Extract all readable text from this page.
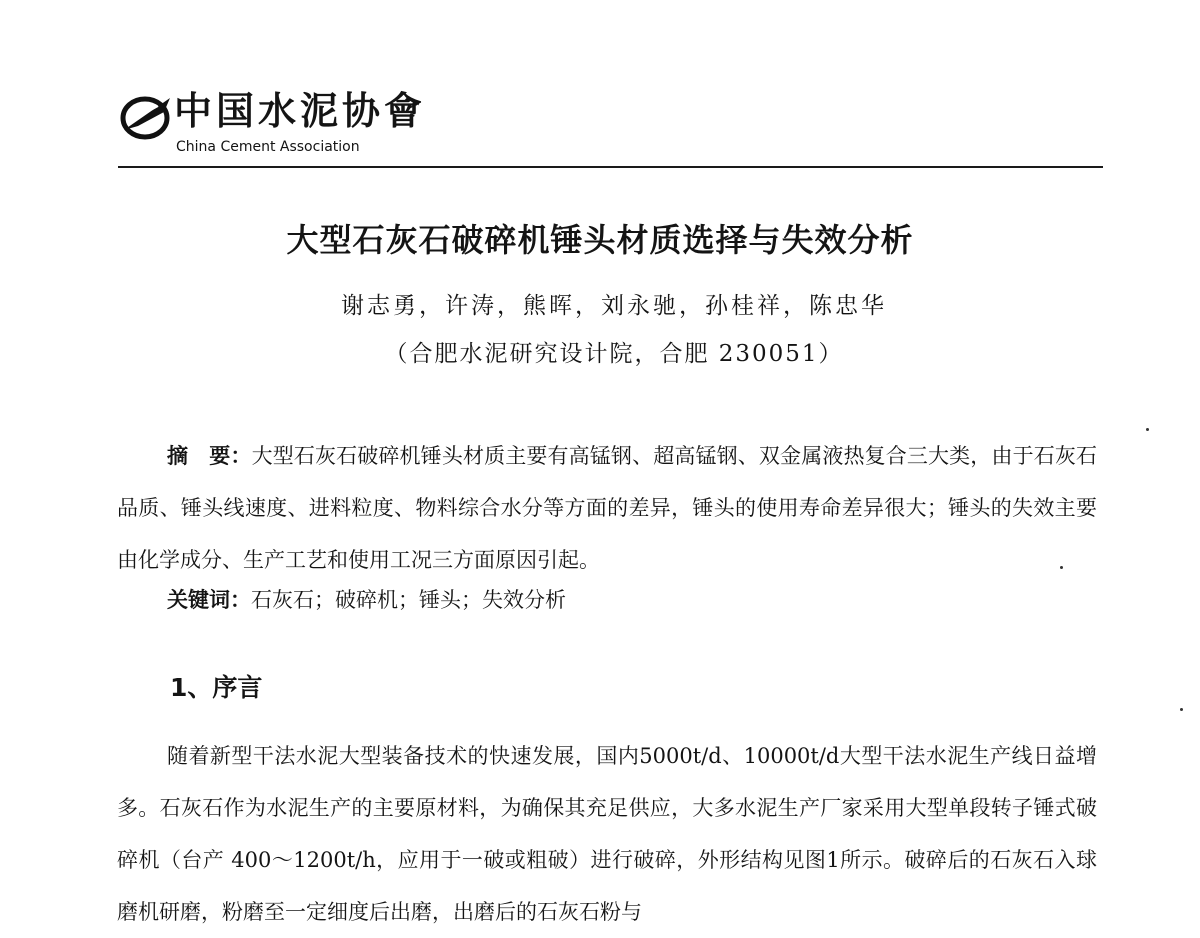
中国水泥协會
China Cement Association
大型石灰石破碎机锤头材质选择与失效分析
谢志勇，许涛，熊晖，刘永驰，孙桂祥，陈忠华
（合肥水泥研究设计院，合肥 230051）
摘　要：大型石灰石破碎机锤头材质主要有高锰钢、超高锰钢、双金属液热复合三大类，由于石灰石品质、锤头线速度、进料粒度、物料综合水分等方面的差异，锤头的使用寿命差异很大；锤头的失效主要由化学成分、生产工艺和使用工况三方面原因引起。
关键词：石灰石；破碎机；锤头；失效分析
1、序言
随着新型干法水泥大型装备技术的快速发展，国内5000t/d、10000t/d大型干法水泥生产线日益增多。石灰石作为水泥生产的主要原材料，为确保其充足供应，大多水泥生产厂家采用大型单段转子锤式破碎机（台产 400～1200t/h，应用于一破或粗破）进行破碎，外形结构见图1所示。破碎后的石灰石入球磨机研磨，粉磨至一定细度后出磨，出磨后的石灰石粉与
